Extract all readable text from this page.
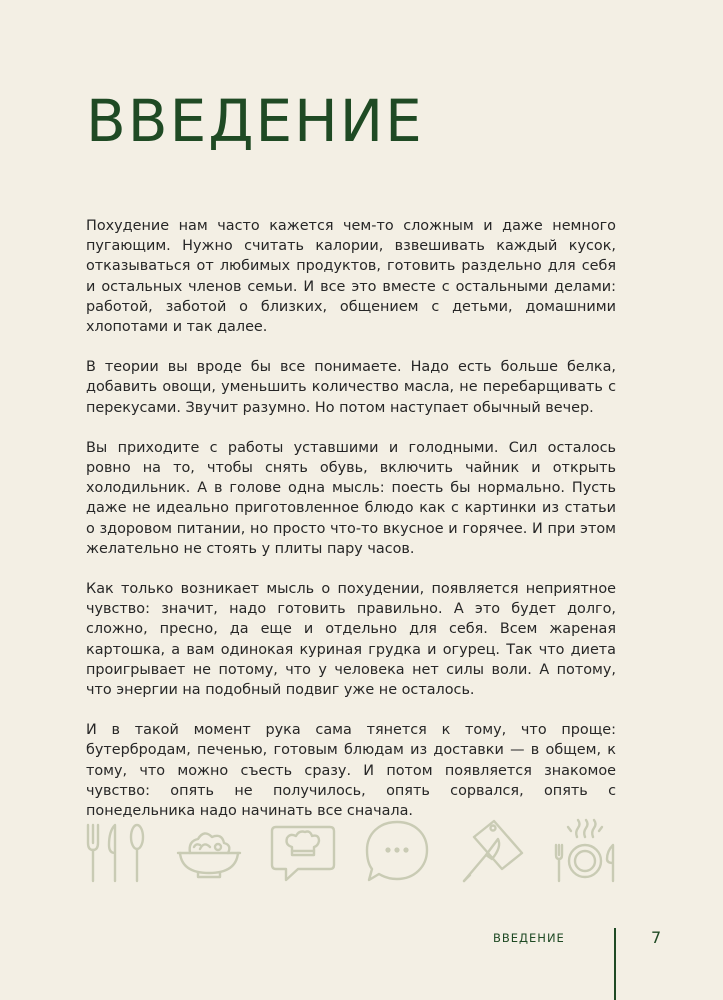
ВВЕДЕНИЕ

Похудение нам часто кажется чем-то сложным и даже немного пугающим. Нужно считать калории, взвешивать каждый кусок, отказываться от любимых продуктов, готовить раздельно для себя и остальных членов семьи. И все это вместе с остальными делами: работой, заботой о близких, общением с детьми, домашними хлопотами и так далее.

В теории вы вроде бы все понимаете. Надо есть больше белка, добавить овощи, уменьшить количество масла, не перебарщивать с перекусами. Звучит разумно. Но потом наступает обычный вечер.

Вы приходите с работы уставшими и голодными. Сил осталось ровно на то, чтобы снять обувь, включить чайник и открыть холодильник. А в голове одна мысль: поесть бы нормально. Пусть даже не идеально приготовленное блюдо как с картинки из статьи о здоровом питании, но просто что-то вкусное и горячее. И при этом желательно не стоять у плиты пару часов.

Как только возникает мысль о похудении, появляется неприятное чувство: значит, надо готовить правильно. А это будет долго, сложно, пресно, да еще и отдельно для себя. Всем жареная картошка, а вам одинокая куриная грудка и огурец. Так что диета проигрывает не потому, что у человека нет силы воли. А потому, что энергии на подобный подвиг уже не осталось.

И в такой момент рука сама тянется к тому, что проще: бутербродам, печенью, готовым блюдам из доставки — в общем, к тому, что можно съесть сразу. И потом появляется знакомое чувство: опять не получилось, опять сорвался, опять с понедельника надо начинать все сначала.

ВВЕДЕНИЕ	7
